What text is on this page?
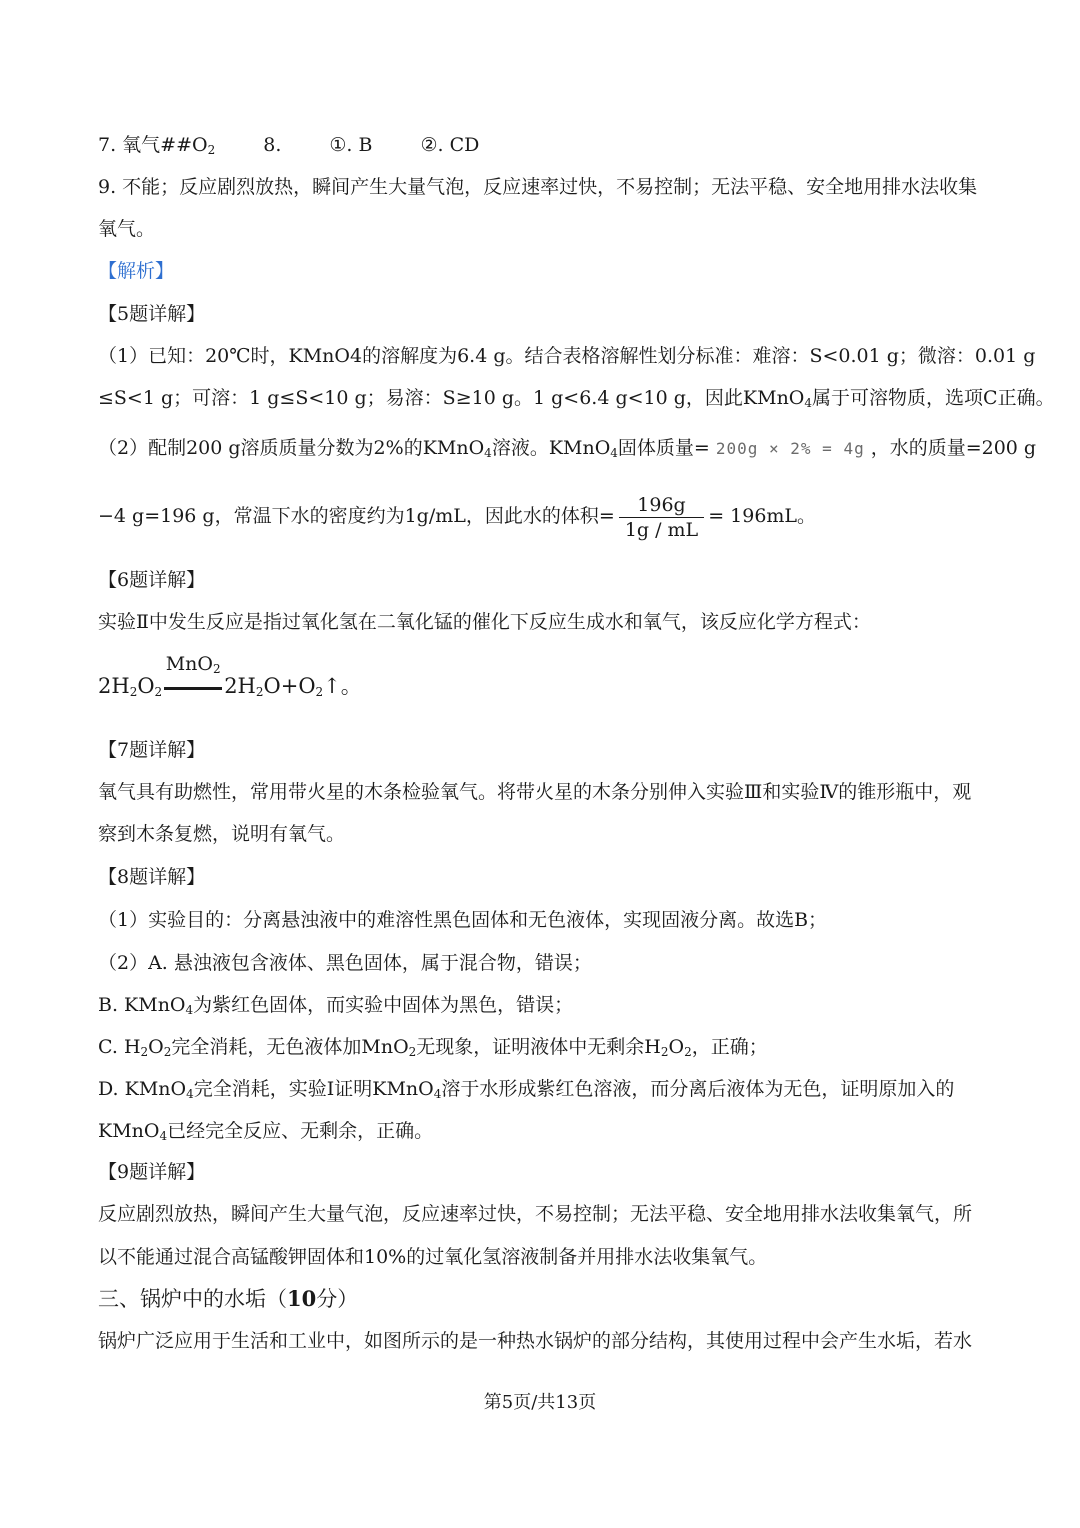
7. 氧气$\#\#O_2$	8.	①. B	②. CD
9. 不能；反应剧烈放热，瞬间产生大量气泡，反应速率过快，不易控制；无法平稳、安全地用排水法收集
氧气。
【解析】
【5题详解】
（1）已知：20℃时，KMnO4的溶解度为6.4 g。结合表格溶解性划分标准：难溶：S<0.01 g；微溶：0.01 g
≤S<1 g；可溶：1 g≤S<10 g；易溶：S≥10 g。1 g<6.4 g<10 g，因此KMnO$_4$属于可溶物质，选项C正确。
（2）配制200 g溶质质量分数为2%的KMnO$_4$溶液。KMnO$_4$固体质量= 200g × 2% = 4g ，水的质量=200 g
−4 g=196 g，常温下水的密度约为1g/mL，因此水的体积= $\frac{196g}{1g / mL} = 196mL$。
【6题详解】
实验Ⅱ中发生反应是指过氧化氢在二氧化锰的催化下反应生成水和氧气，该反应化学方程式：
$2H_2O_2$
MnO$_2$
$2H_2O+O_2↑$。
【7题详解】
氧气具有助燃性，常用带火星的木条检验氧气。将带火星的木条分别伸入实验Ⅲ和实验Ⅳ的锥形瓶中，观
察到木条复燃，说明有氧气。
【8题详解】
（1）实验目的：分离悬浊液中的难溶性黑色固体和无色液体，实现固液分离。故选B；
（2）A. 悬浊液包含液体、黑色固体，属于混合物，错误；
B. KMnO$_4$为紫红色固体，而实验中固体为黑色，错误；
C. $H_2O_2$完全消耗，无色液体加MnO$_2$无现象，证明液体中无剩余$H_2O_2$，正确；
D. KMnO$_4$完全消耗，实验Ⅰ证明KMnO$_4$溶于水形成紫红色溶液，而分离后液体为无色，证明原加入的
KMnO$_4$已经完全反应、无剩余，正确。
【9题详解】
反应剧烈放热，瞬间产生大量气泡，反应速率过快，不易控制；无法平稳、安全地用排水法收集氧气，所
以不能通过混合高锰酸钾固体和10%的过氧化氢溶液制备并用排水法收集氧气。
三、锅炉中的水垢（10分）
锅炉广泛应用于生活和工业中，如图所示的是一种热水锅炉的部分结构，其使用过程中会产生水垢，若水
第5页/共13页
